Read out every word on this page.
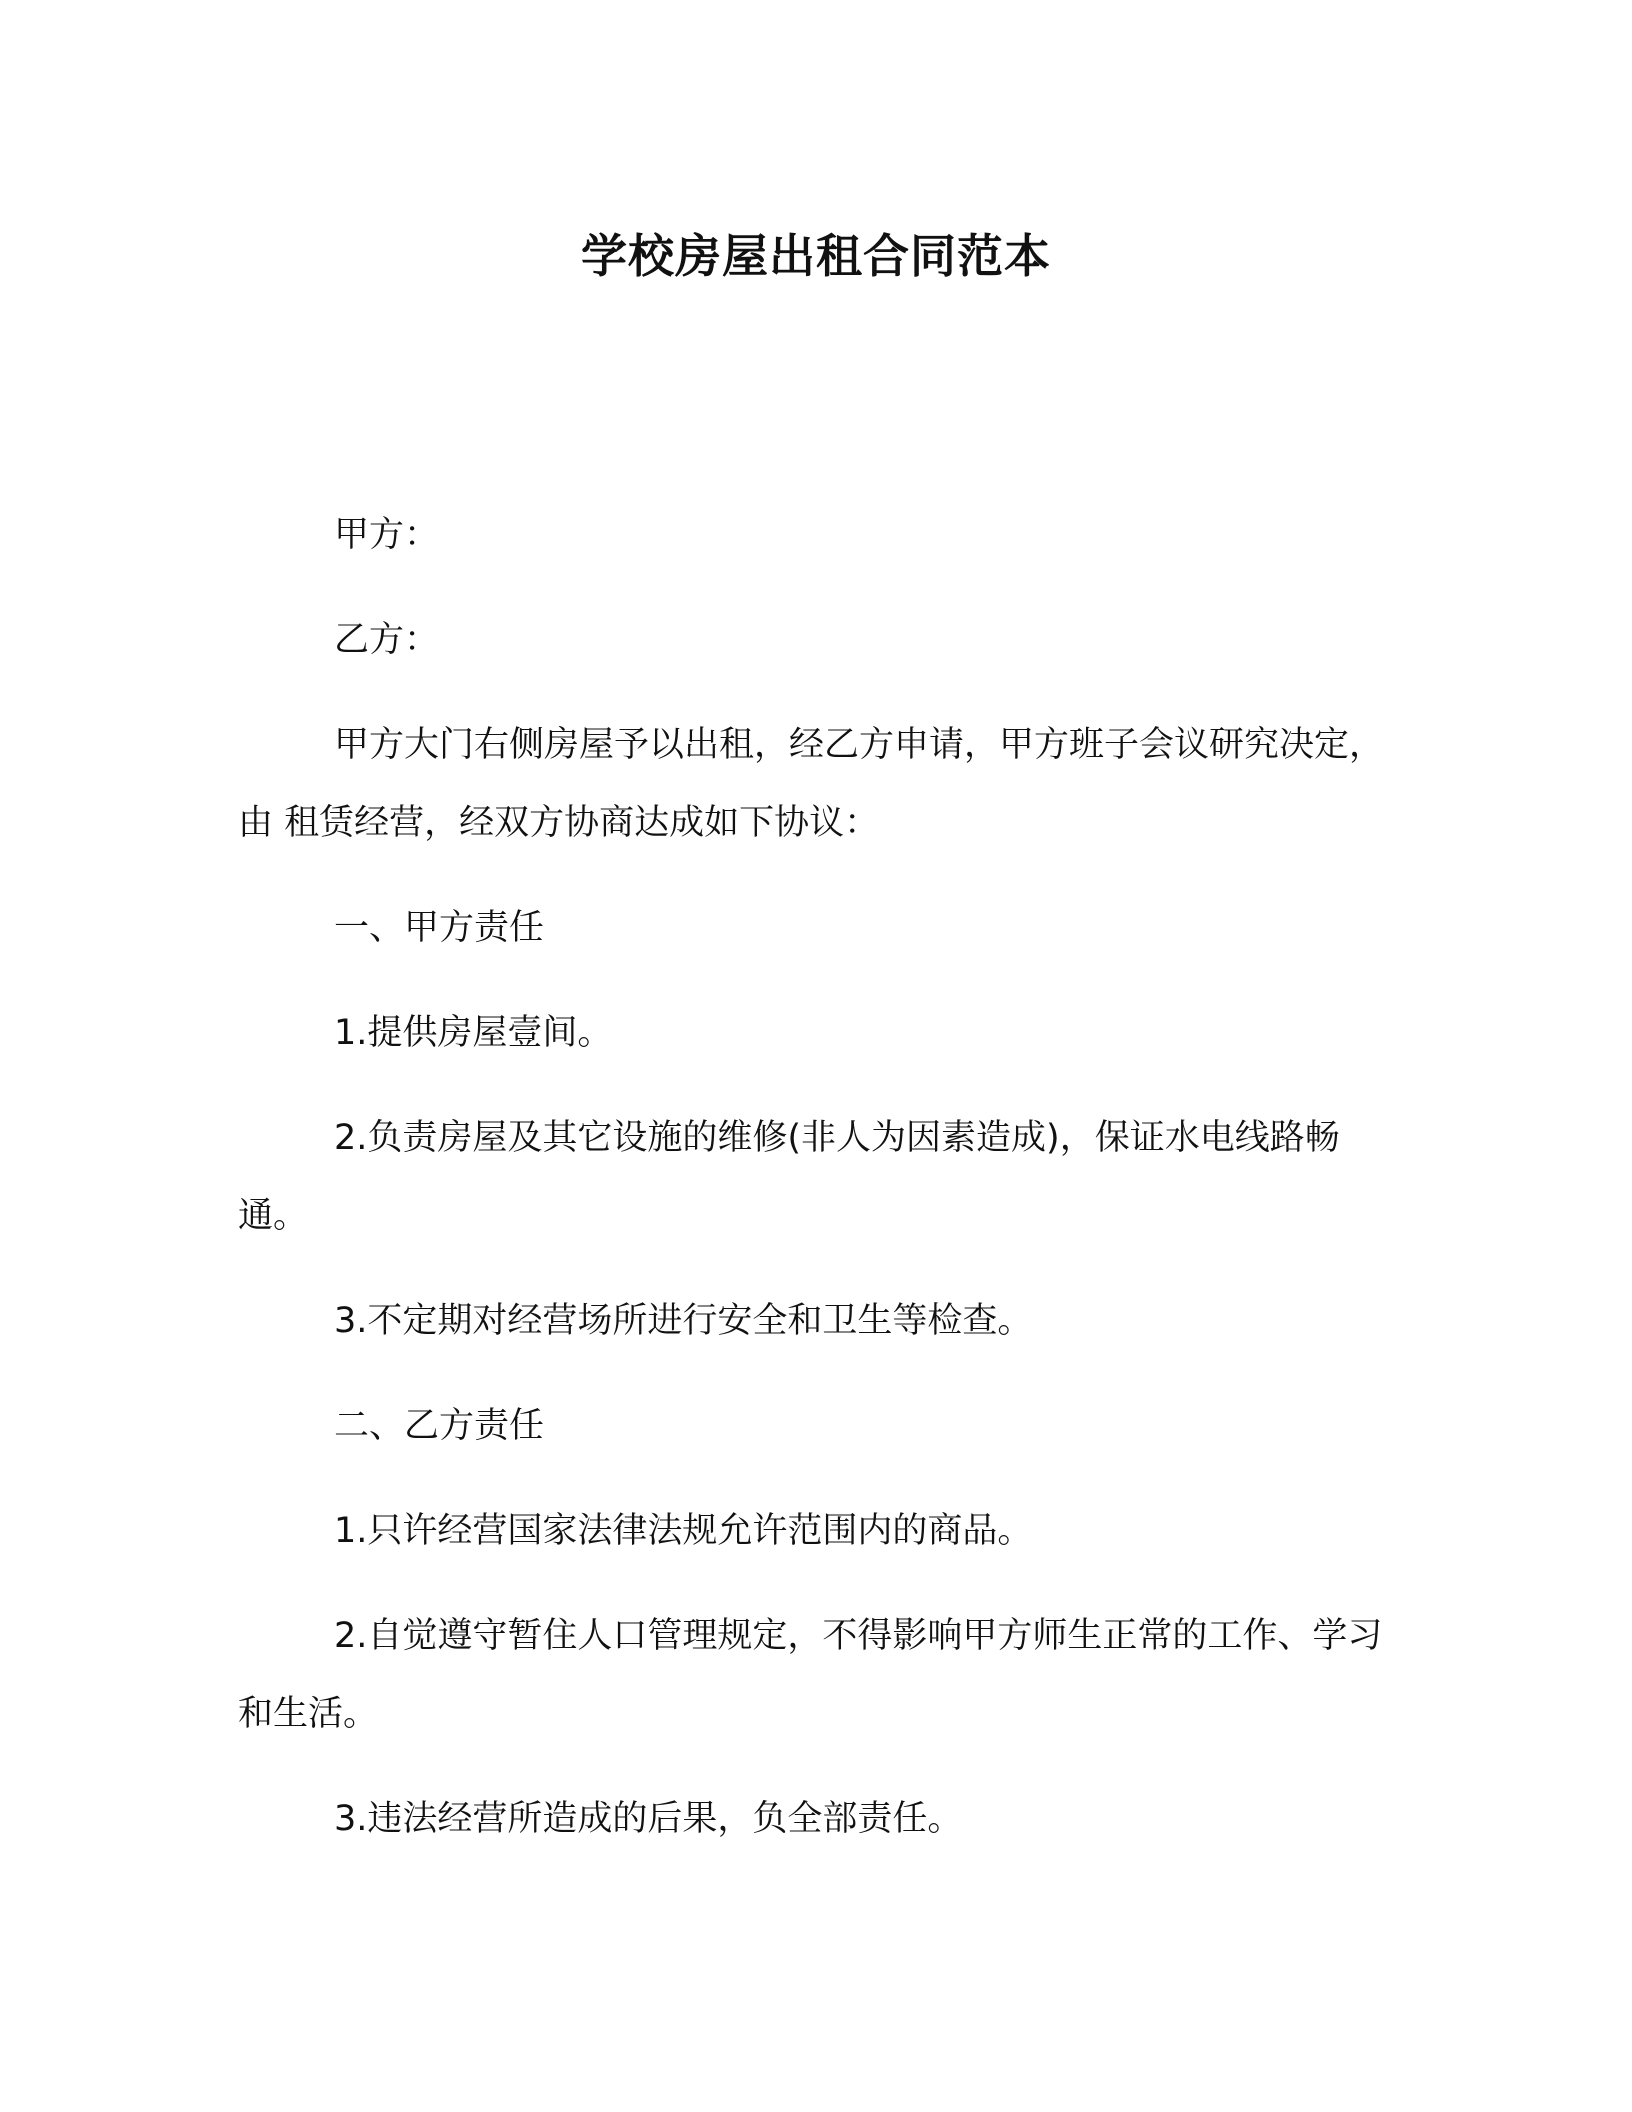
学校房屋出租合同范本

甲方：

乙方：

甲方大门右侧房屋予以出租，经乙方申请，甲方班子会议研究决定，由 租赁经营，经双方协商达成如下协议：

一、甲方责任

1.提供房屋壹间。

2.负责房屋及其它设施的维修(非人为因素造成)，保证水电线路畅通。

3.不定期对经营场所进行安全和卫生等检查。

二、乙方责任

1.只许经营国家法律法规允许范围内的商品。

2.自觉遵守暂住人口管理规定，不得影响甲方师生正常的工作、学习和生活。

3.违法经营所造成的后果，负全部责任。
